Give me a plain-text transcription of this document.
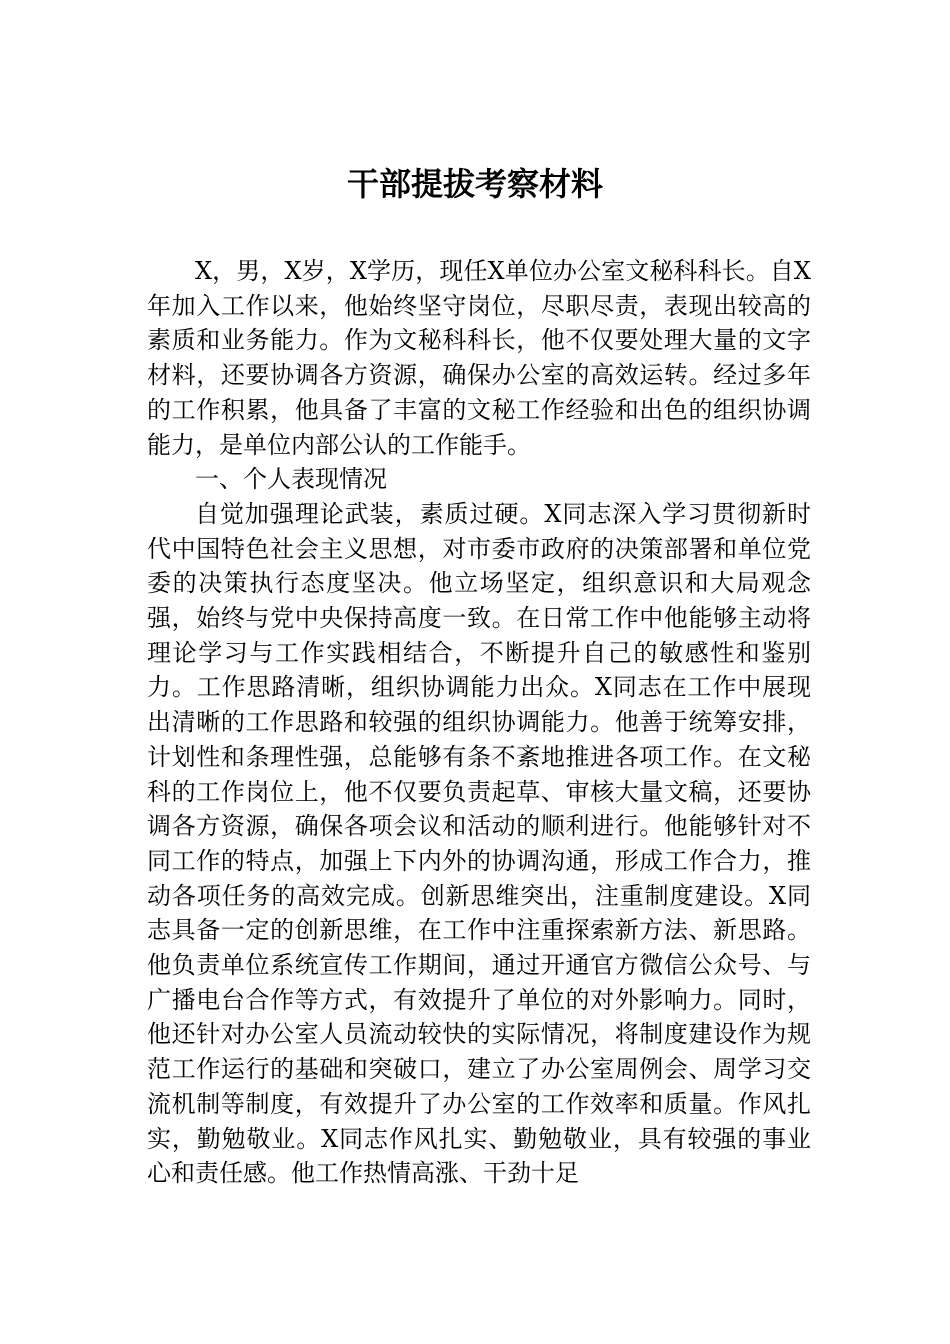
干部提拔考察材料

X，男，X岁，X学历，现任X单位办公室文秘科科长。自X年加入工作以来，他始终坚守岗位，尽职尽责，表现出较高的素质和业务能力。作为文秘科科长，他不仅要处理大量的文字材料，还要协调各方资源，确保办公室的高效运转。经过多年的工作积累，他具备了丰富的文秘工作经验和出色的组织协调能力，是单位内部公认的工作能手。

一、个人表现情况

自觉加强理论武装，素质过硬。X同志深入学习贯彻新时代中国特色社会主义思想，对市委市政府的决策部署和单位党委的决策执行态度坚决。他立场坚定，组织意识和大局观念强，始终与党中央保持高度一致。在日常工作中他能够主动将理论学习与工作实践相结合，不断提升自己的敏感性和鉴别力。工作思路清晰，组织协调能力出众。X同志在工作中展现出清晰的工作思路和较强的组织协调能力。他善于统筹安排，计划性和条理性强，总能够有条不紊地推进各项工作。在文秘科的工作岗位上，他不仅要负责起草、审核大量文稿，还要协调各方资源，确保各项会议和活动的顺利进行。他能够针对不同工作的特点，加强上下内外的协调沟通，形成工作合力，推动各项任务的高效完成。创新思维突出，注重制度建设。X同志具备一定的创新思维，在工作中注重探索新方法、新思路。他负责单位系统宣传工作期间，通过开通官方微信公众号、与广播电台合作等方式，有效提升了单位的对外影响力。同时，他还针对办公室人员流动较快的实际情况，将制度建设作为规范工作运行的基础和突破口，建立了办公室周例会、周学习交流机制等制度，有效提升了办公室的工作效率和质量。作风扎实，勤勉敬业。X同志作风扎实、勤勉敬业，具有较强的事业心和责任感。他工作热情高涨、干劲十足
